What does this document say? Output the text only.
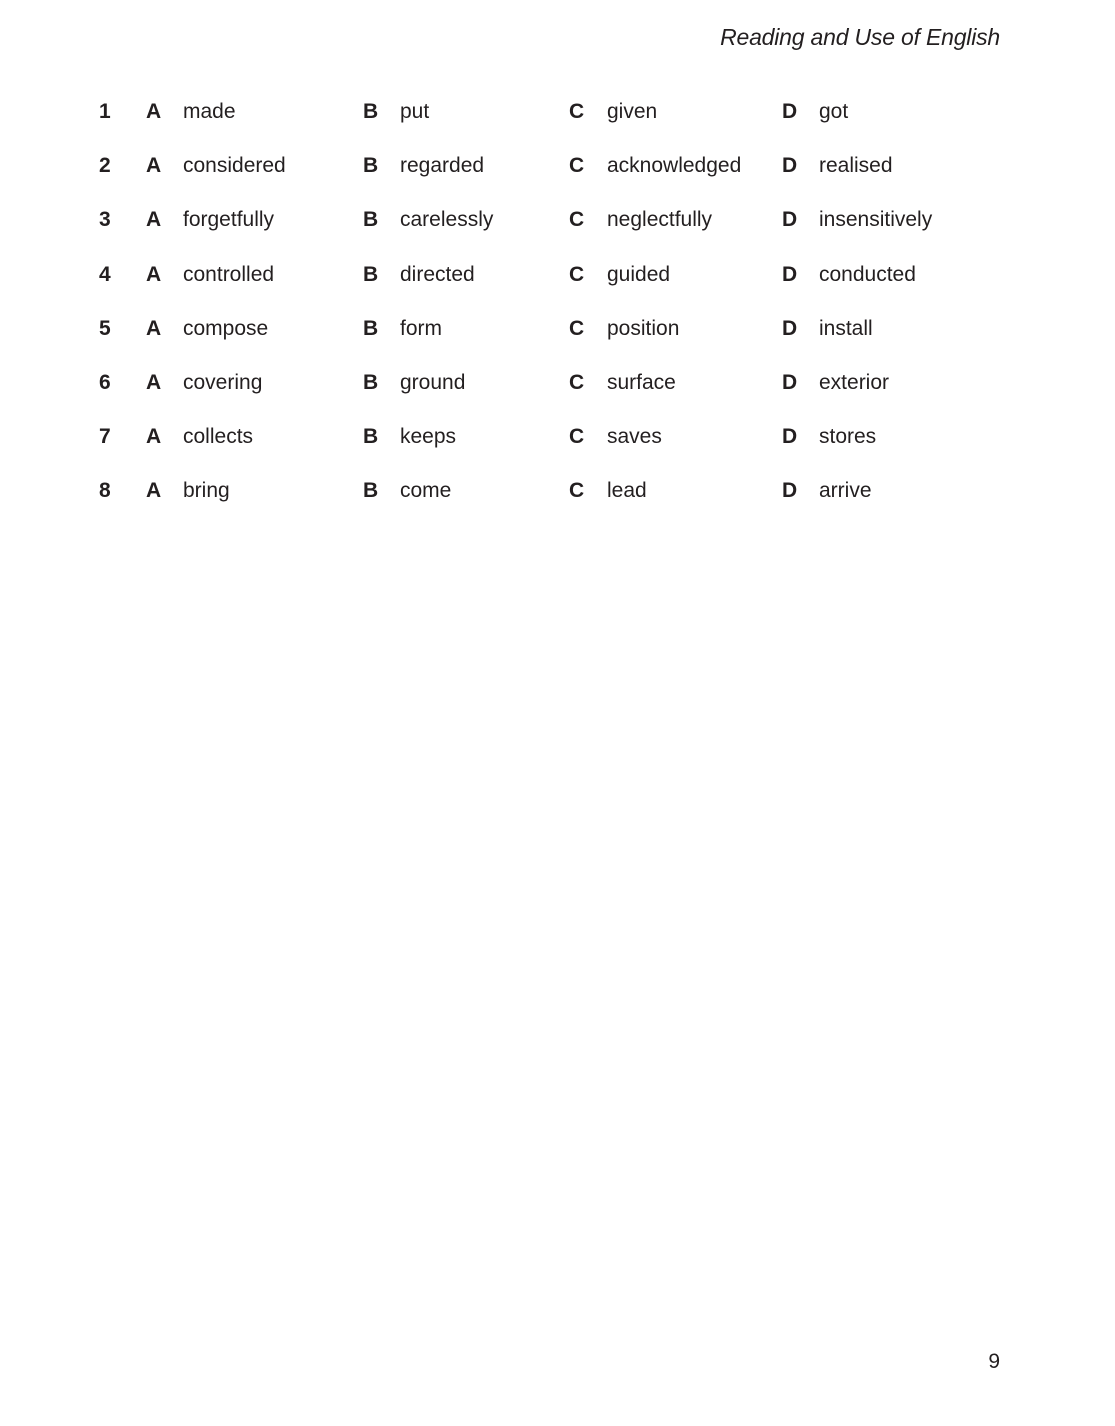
Reading and Use of English
1 A made	B put	C given	D got
2 A considered	B regarded	C acknowledged D realised
3 A forgetfully	B carelessly	C neglectfully	D insensitively
4 A controlled	B directed	C guided	D conducted
5 A compose	B form	C position	D install
6 A covering	B ground	C surface	D exterior
7 A collects	B keeps	C saves	D stores
8 A bring	B come	C lead	D arrive
9
